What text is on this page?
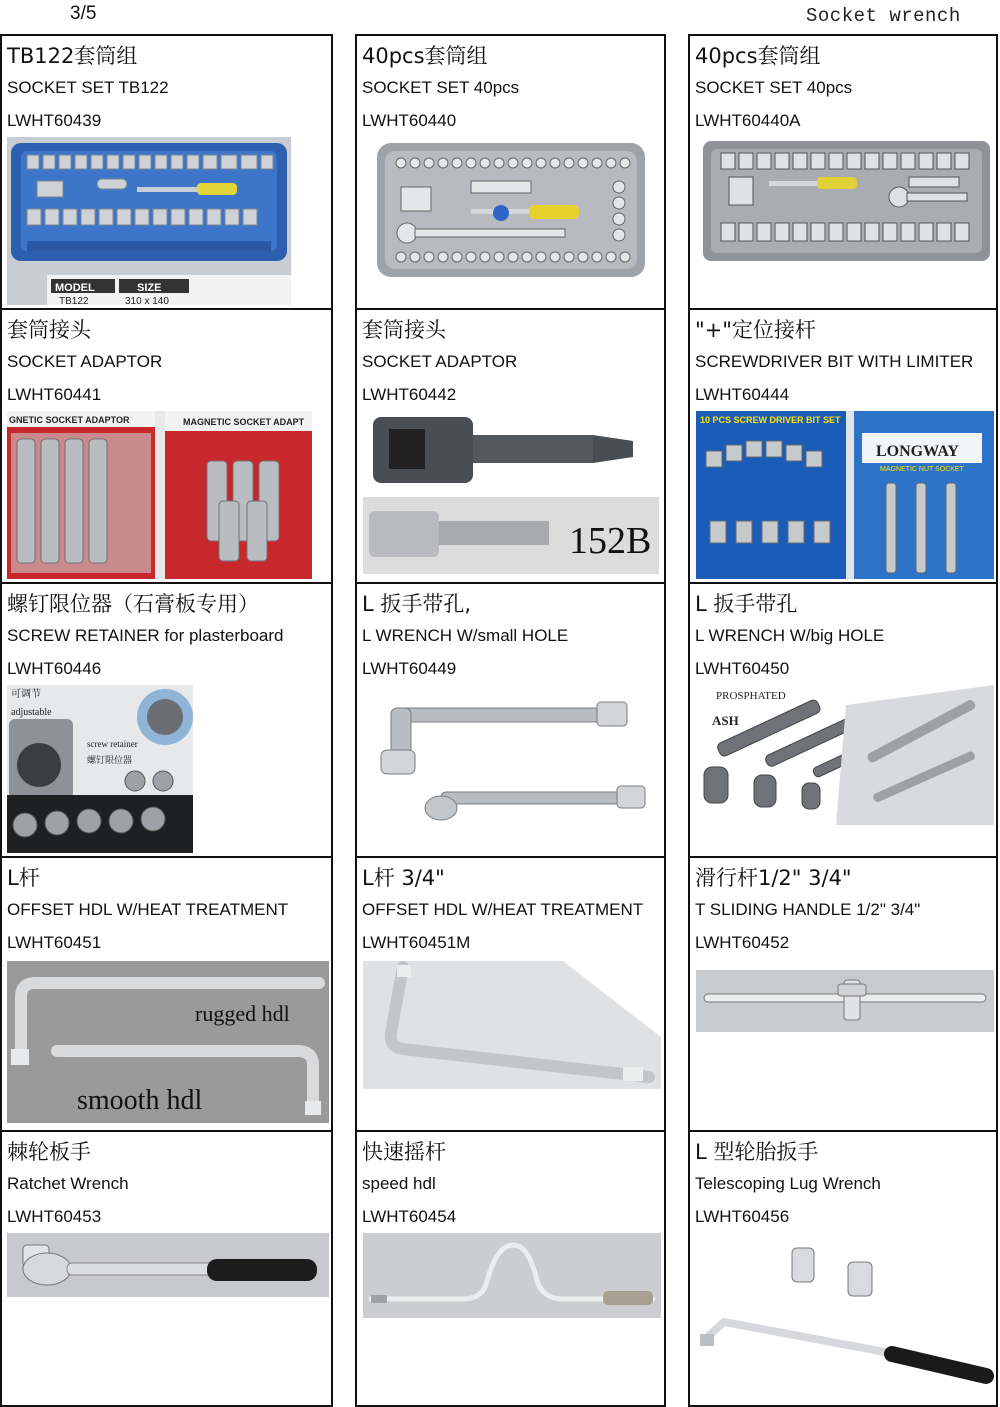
3/5	Socket wrench
TB122套筒组
SOCKET SET TB122
LWHT60439
MODEL	SIZE
TB122	310 x 140
40pcs套筒组
SOCKET SET 40pcs
LWHT60440
40pcs套筒组
SOCKET SET 40pcs
LWHT60440A
套筒接头
SOCKET ADAPTOR
LWHT60441
GNETIC SOCKET ADAPTOR	MAGNETIC SOCKET ADAPT
套筒接头
SOCKET ADAPTOR
LWHT60442
152B
"+"定位接杆
SCREWDRIVER BIT WITH LIMITER
LWHT60444
10 PCS SCREW DRIVER BIT SET
LONGWAY
MAGNETIC NUT SOCKET
螺钉限位器（石膏板专用）
SCREW RETAINER for plasterboard
LWHT60446
可调节
adjustable
screw retainer
螺钉限位器
L 扳手带孔,
L WRENCH W/small HOLE
LWHT60449
L 扳手带孔
L WRENCH W/big HOLE
LWHT60450
PROSPHATED
ASH
L杆
OFFSET HDL W/HEAT TREATMENT
LWHT60451
rugged hdl
smooth hdl
L杆 3/4"
OFFSET HDL W/HEAT TREATMENT
LWHT60451M
滑行杆1/2" 3/4"
T SLIDING HANDLE 1/2" 3/4"
LWHT60452
棘轮板手
Ratchet Wrench
LWHT60453
快速摇杆
speed hdl
LWHT60454
L 型轮胎扳手
Telescoping Lug Wrench
LWHT60456
